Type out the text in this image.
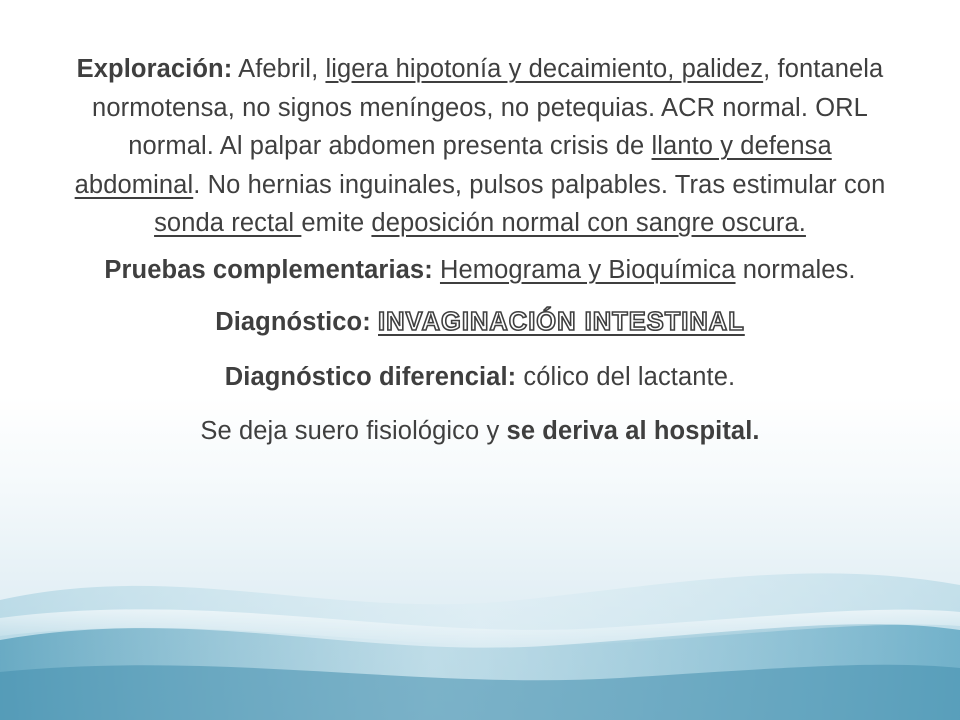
Exploración: Afebril, ligera hipotonía y decaimiento, palidez, fontanela normotensa, no signos meníngeos, no petequias. ACR normal. ORL normal. Al palpar abdomen presenta crisis de llanto y defensa abdominal. No hernias inguinales, pulsos palpables. Tras estimular con sonda rectal emite deposición normal con sangre oscura.

Pruebas complementarias: Hemograma y Bioquímica normales.

Diagnóstico: INVAGINACIÓN INTESTINAL

Diagnóstico diferencial: cólico del lactante.

Se deja suero fisiológico y se deriva al hospital.
